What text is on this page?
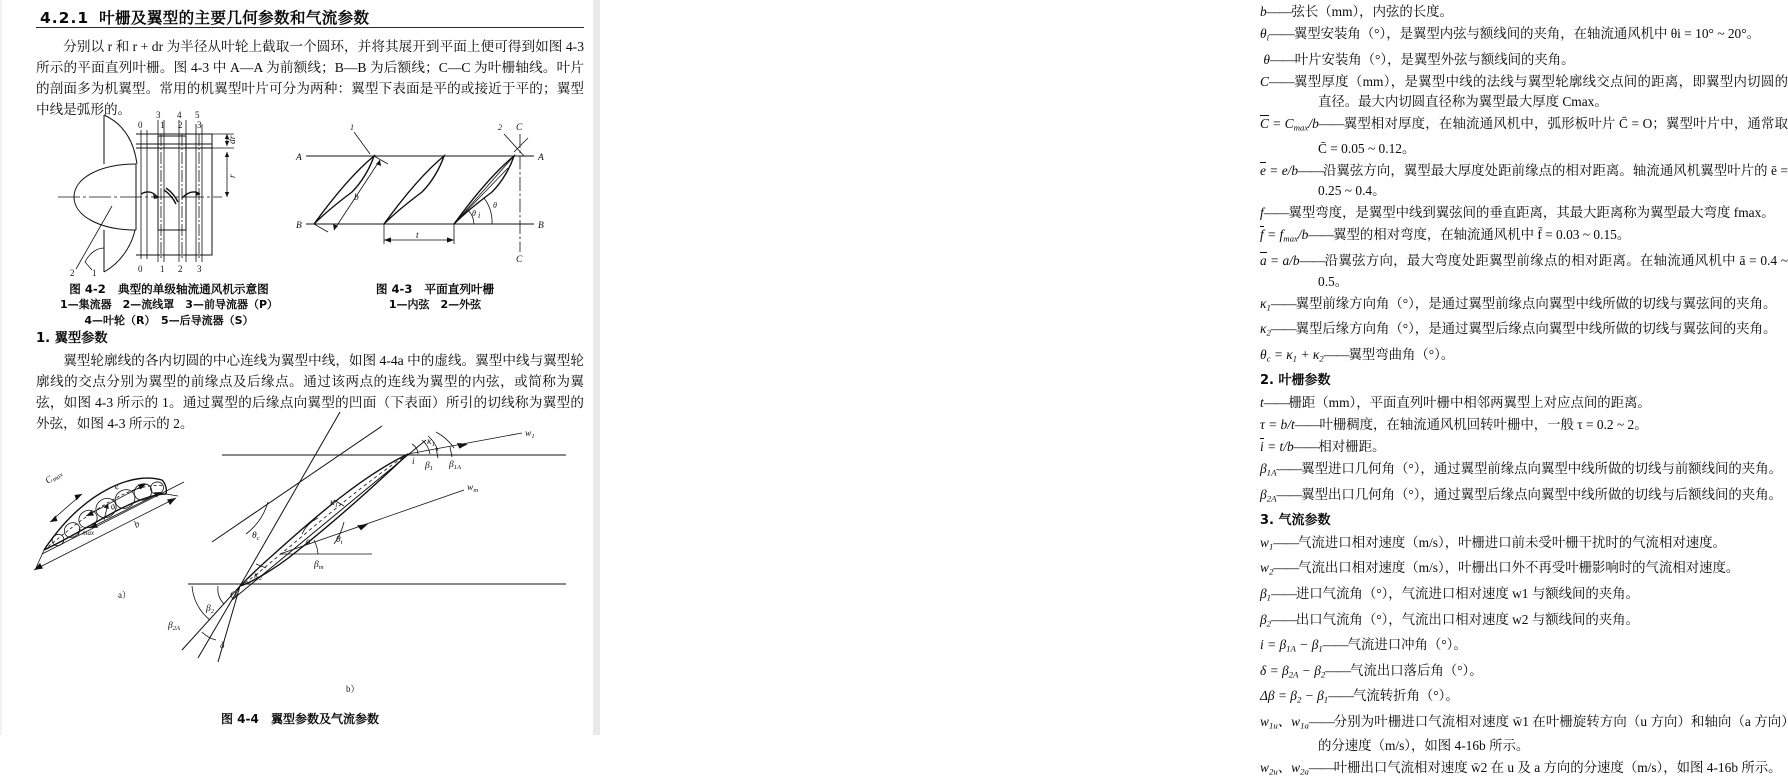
4.2.1 叶栅及翼型的主要几何参数和气流参数
分别以 r 和 r + dr 为半径从叶轮上截取一个圆环，并将其展开到平面上便可得到如图 4-3 所示的平面直列叶栅。图 4-3 中 A—A 为前额线；B—B 为后额线；C—C 为叶栅轴线。叶片的剖面多为机翼型。常用的机翼型叶片可分为两种：翼型下表面是平的或接近于平的；翼型中线是弧形的。
0 1 2 3
3 4 5
0 1 2 3
dr
r
2 1
A	A
B	B
C
C
1	2
b
t
θ i
θ
图 4-2 典型的单级轴流通风机示意图
1—集流器　2—流线罩　3—前导流器（P）
4—叶轮（R）　5—后导流器（S）
图 4-3 平面直列叶栅
1—内弦　2—外弦
1. 翼型参数
翼型轮廓线的各内切圆的中心连线为翼型中线，如图 4-4a 中的虚线。翼型中线与翼型轮廓线的交点分别为翼型的前缘点及后缘点。通过该两点的连线为翼型的内弦，或简称为翼弦，如图 4-3 所示的 1。通过翼型的后缘点向翼型的凹面（下表面）所引的切线称为翼型的外弦，如图 4-3 所示的 2。
$C_{max}$
e
a
f max
b
a）
$w_1$
$w_m$
$\kappa_1$
i $\beta_1$ $\beta_{1A}$
$\kappa_1$
$\theta_c$	α	$\theta_i$
$\beta_m$
$\kappa_2$
O
$\beta_2$
$\beta_{2A}$
δ
b）
图 4-4 翼型参数及气流参数
b——弦长（mm），内弦的长度。
$\theta_i——$翼型安装角（°），是翼型内弦与额线间的夹角，在轴流通风机中 θi = 10° ~ 20°。
θ——叶片安装角（°），是翼型外弦与额线间的夹角。
C——翼型厚度（mm），是翼型中线的法线与翼型轮廓线交点间的距离，即翼型内切圆的直径。最大内切圆直径称为翼型最大厚度 Cmax。
$C = C_{max}/b——$翼型相对厚度，在轴流通风机中，弧形板叶片 C̄ = O；翼型叶片中，通常取 C̄ = 0.05 ~ 0.12。
e = e/b——沿翼弦方向，翼型最大厚度处距前缘点的相对距离。轴流通风机翼型叶片的 ē = 0.25 ~ 0.4。
f——翼型弯度，是翼型中线到翼弦间的垂直距离，其最大距离称为翼型最大弯度 fmax。
$f = f_{max}/b——$翼型的相对弯度，在轴流通风机中 f̄ = 0.03 ~ 0.15。
a = a/b——沿翼弦方向，最大弯度处距翼型前缘点的相对距离。在轴流通风机中 ā = 0.4 ~ 0.5。
$\kappa_1——$翼型前缘方向角（°），是通过翼型前缘点向翼型中线所做的切线与翼弦间的夹角。
$\kappa_2——$翼型后缘方向角（°），是通过翼型后缘点向翼型中线所做的切线与翼弦间的夹角。
$\theta_c = \kappa_1$ + $\kappa_2——$翼型弯曲角（°）。
2. 叶栅参数
t——栅距（mm），平面直列叶栅中相邻两翼型上对应点间的距离。
τ = b/t——叶栅稠度，在轴流通风机回转叶栅中，一般 τ = 0.2 ~ 2。
i = t/b——相对栅距。
$\beta_{1A}——$翼型进口几何角（°），通过翼型前缘点向翼型中线所做的切线与前额线间的夹角。
$\beta_{2A}——$翼型出口几何角（°），通过翼型后缘点向翼型中线所做的切线与后额线间的夹角。
3. 气流参数
$w_1——$气流进口相对速度（m/s），叶栅进口前未受叶栅干扰时的气流相对速度。
$w_2——$气流出口相对速度（m/s），叶栅出口外不再受叶栅影响时的气流相对速度。
$\beta_1——$进口气流角（°），气流进口相对速度 w1 与额线间的夹角。
$\beta_2——$出口气流角（°），气流出口相对速度 w2 与额线间的夹角。
$i = \beta_{1A}$ − $\beta_1——$气流进口冲角（°）。
$\delta = \beta_{2A}$ − $\beta_2——$气流出口落后角（°）。
$\Delta\beta = \beta_2$ − $\beta_1——$气流转折角（°）。
$w_{1u}$、$w_{1a}——$分别为叶栅进口气流相对速度 w̄1 在叶栅旋转方向（u 方向）和轴向（a 方向）的分速度（m/s），如图 4-16b 所示。
$w_{2u}$、$w_{2a}——$叶栅出口气流相对速度 w̄2 在 u 及 a 方向的分速度（m/s），如图 4-16b 所示。
